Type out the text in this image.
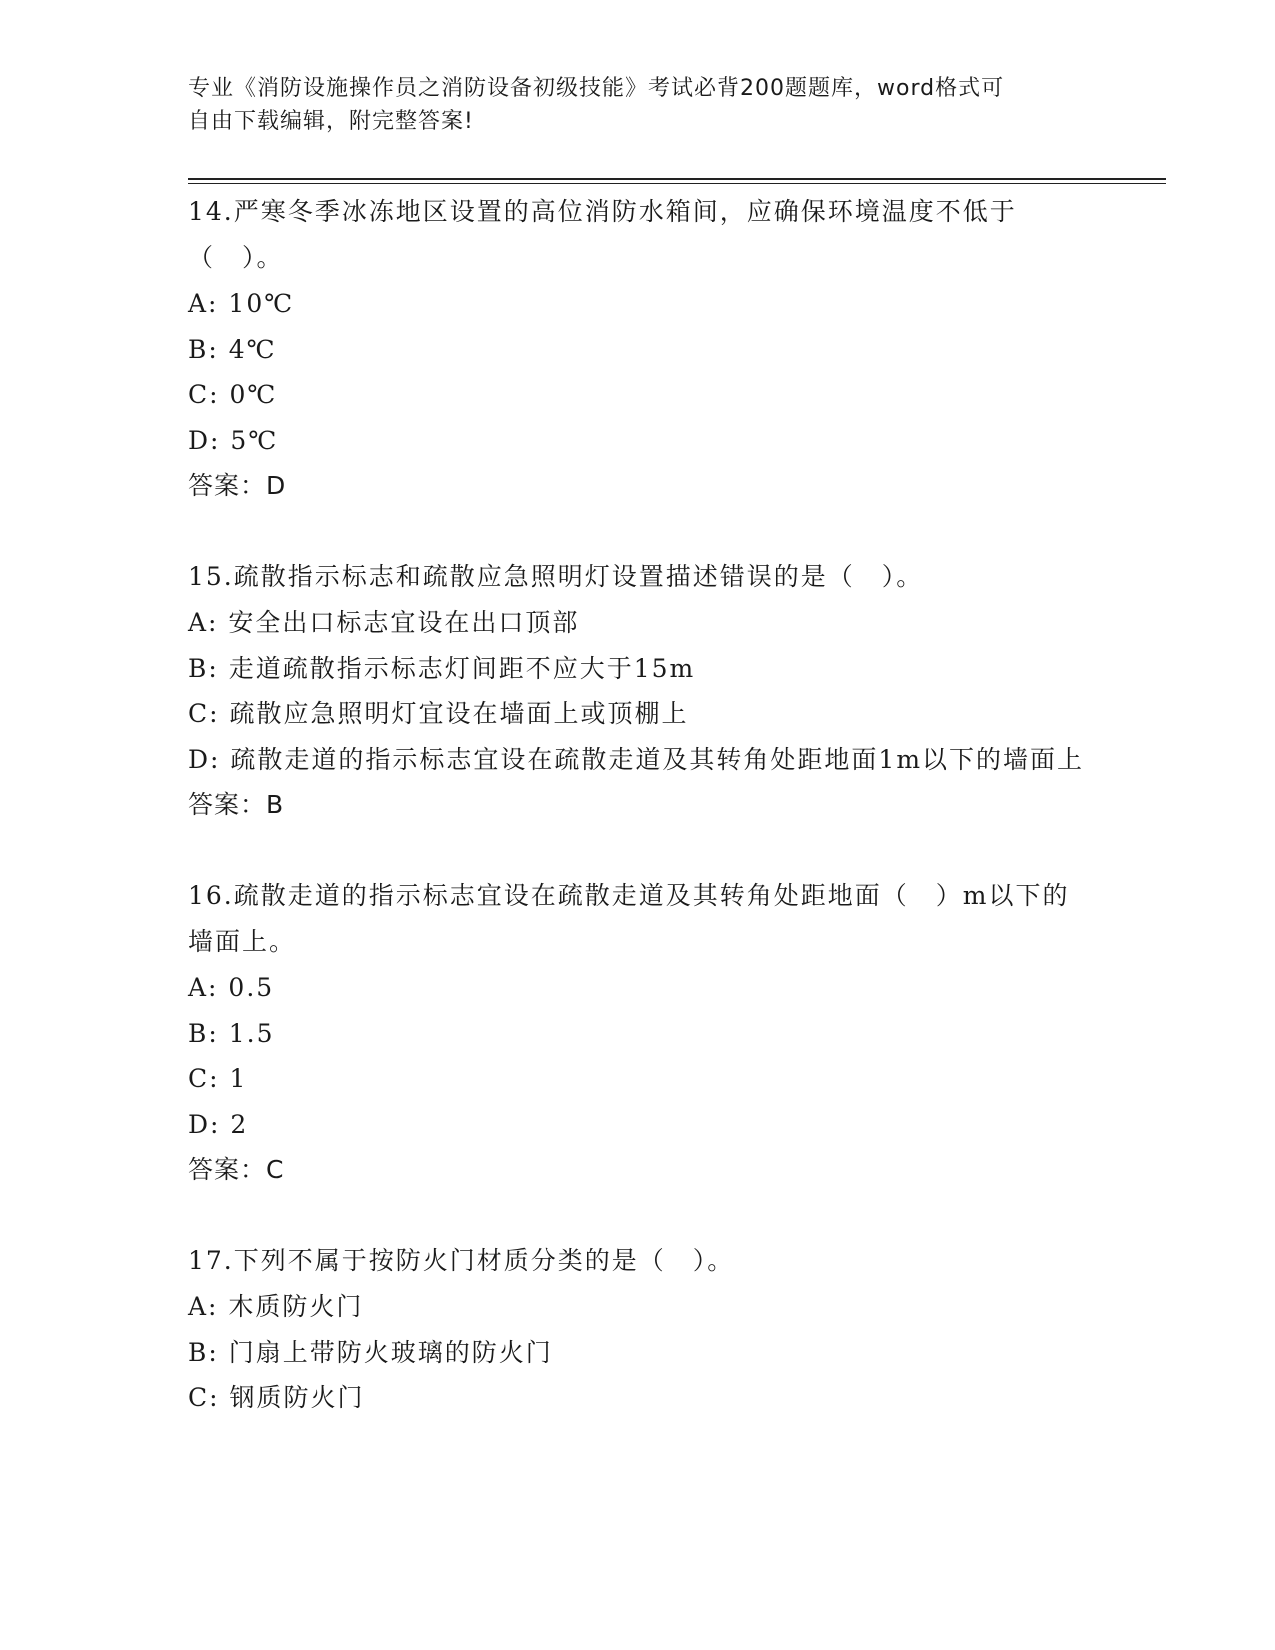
专业《消防设施操作员之消防设备初级技能》考试必背200题题库，word格式可
自由下载编辑，附完整答案!
14.严寒冬季冰冻地区设置的高位消防水箱间，应确保环境温度不低于（　）。
A: 10℃
B: 4℃
C: 0℃
D: 5℃
答案：D
15.疏散指示标志和疏散应急照明灯设置描述错误的是（　）。
A: 安全出口标志宜设在出口顶部
B: 走道疏散指示标志灯间距不应大于15m
C: 疏散应急照明灯宜设在墙面上或顶棚上
D: 疏散走道的指示标志宜设在疏散走道及其转角处距地面1m以下的墙面上
答案：B
16.疏散走道的指示标志宜设在疏散走道及其转角处距地面（　）m以下的墙面上。
A: 0.5
B: 1.5
C: 1
D: 2
答案：C
17.下列不属于按防火门材质分类的是（　）。
A: 木质防火门
B: 门扇上带防火玻璃的防火门
C: 钢质防火门
